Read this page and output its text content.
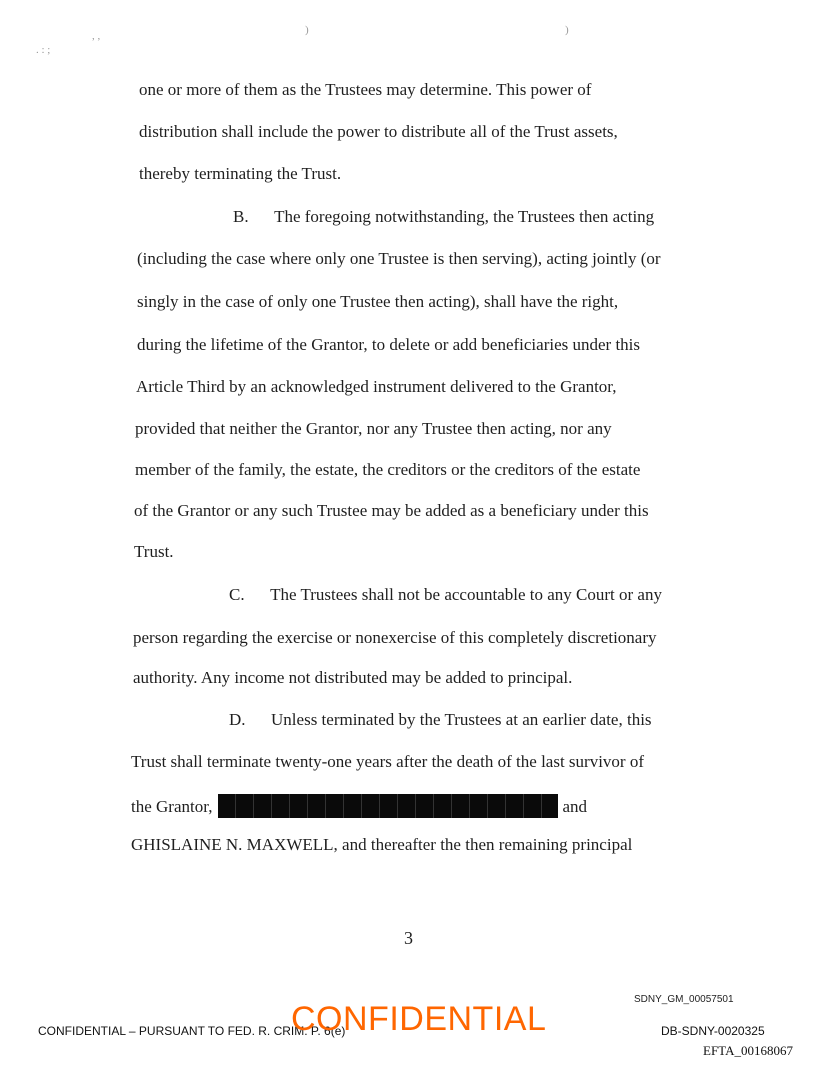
. : ;
, ,	)	)
one or more of them as the Trustees may determine. This power of
distribution shall include the power to distribute all of the Trust assets,
thereby terminating the Trust.
B.      The foregoing notwithstanding, the Trustees then acting
(including the case where only one Trustee is then serving), acting jointly (or
singly in the case of only one Trustee then acting), shall have the right,
during the lifetime of the Grantor, to delete or add beneficiaries under this
Article Third by an acknowledged instrument delivered to the Grantor,
provided that neither the Grantor, nor any Trustee then acting, nor any
member of the family, the estate, the creditors or the creditors of the estate
of the Grantor or any such Trustee may be added as a beneficiary under this
Trust.
C.      The Trustees shall not be accountable to any Court or any
person regarding the exercise or nonexercise of this completely discretionary
authority. Any income not distributed may be added to principal.
D.      Unless terminated by the Trustees at an earlier date, this
Trust shall terminate twenty-one years after the death of the last survivor of
the Grantor,	and
GHISLAINE N. MAXWELL, and thereafter the then remaining principal
3
SDNY_GM_00057501
CONFIDENTIAL – PURSUANT TO FED. R. CRIM. P. 6(e)
CONFIDENTIAL	DB-SDNY-0020325
EFTA_00168067
